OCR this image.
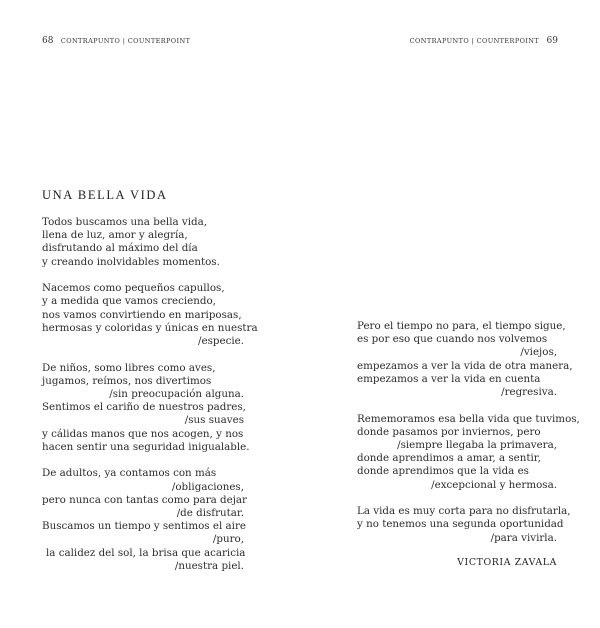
68 CONTRAPUNTO | COUNTERPOINT
UNA BELLA VIDA
Todos buscamos una bella vida,
llena de luz, amor y alegría,
disfrutando al máximo del día
y creando inolvidables momentos.
Nacemos como pequeños capullos,
y a medida que vamos creciendo,
nos vamos convirtiendo en mariposas,
hermosas y coloridas y únicas en nuestra
/especie.
De niños, somo libres como aves,
jugamos, reímos, nos divertimos
/sin preocupación alguna.
Sentimos el cariño de nuestros padres,
/sus suaves
y cálidas manos que nos acogen, y nos
hacen sentir una seguridad inigualable.
De adultos, ya contamos con más
/obligaciones,
pero nunca con tantas como para dejar
/de disfrutar.
Buscamos un tiempo y sentimos el aire
/puro,
la calidez del sol, la brisa que acaricia
/nuestra piel.
CONTRAPUNTO | COUNTERPOINT 69
Pero el tiempo no para, el tiempo sigue,
es por eso que cuando nos volvemos
/viejos,
empezamos a ver la vida de otra manera,
empezamos a ver la vida en cuenta
/regresiva.
Rememoramos esa bella vida que tuvimos,
donde pasamos por inviernos, pero
/siempre llegaba la primavera,
donde aprendimos a amar, a sentir,
donde aprendimos que la vida es
/excepcional y hermosa.
La vida es muy corta para no disfrutarla,
y no tenemos una segunda oportunidad
/para vivirla.
VICTORIA ZAVALA
